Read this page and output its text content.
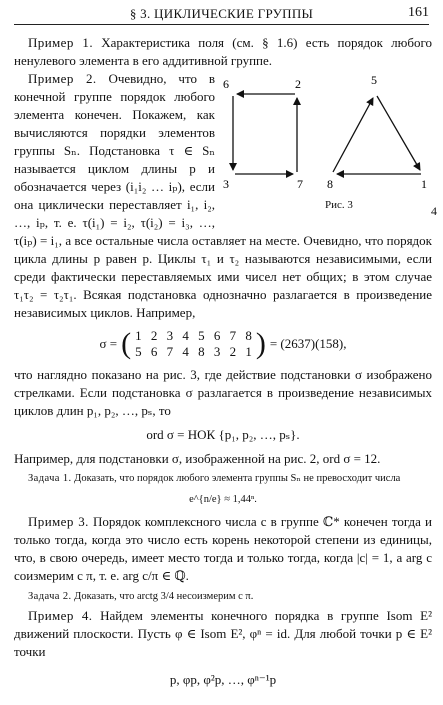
§ 3. ЦИКЛИЧЕСКИЕ ГРУППЫ	161
4

Пример 1. Характеристика поля (см. § 1.6) есть порядок любого ненулевого элемента в его аддитивной группе.

6	2
3	7
5
8	1
Рис. 3
Пример 2. Очевидно, что в конечной группе порядок любого элемента конечен. Покажем, как вычисляются порядки элементов группы Sₙ. Подстановка τ ∈ Sₙ называется циклом длины p и обозначается через (i₁i₂ … iₚ), если она циклически переставляет i₁, i₂, …, iₚ, т. е. τ(i₁) = i₂, τ(i₂) = i₃, …, τ(iₚ) = i₁, а все остальные числа оставляет на месте. Очевидно, что порядок цикла длины p равен p. Циклы τ₁ и τ₂ называются независимыми, если среди фактически переставляемых ими чисел нет общих; в этом случае τ₁τ₂ = τ₂τ₁. Всякая подстановка однозначно разлагается в произведение независимых циклов. Например,

σ = ( 1 2 3 4 5 6 7 8
5 6 7 4 8 3 2 1 ) = (2637)(158),

что наглядно показано на рис. 3, где действие подстановки σ изображено стрелками. Если подстановка σ разлагается в произведение независимых циклов длин p₁, p₂, …, pₛ, то

ord σ = НОК {p₁, p₂, …, pₛ}.

Например, для подстановки σ, изображенной на рис. 2, ord σ = 12.

Задача 1. Доказать, что порядок любого элемента группы Sₙ не превосходит числа

e^{n/e} ≈ 1,44ⁿ.

Пример 3. Порядок комплексного числа c в группе ℂ* конечен тогда и только тогда, когда это число есть корень некоторой степени из единицы, что, в свою очередь, имеет место тогда и только тогда, когда |c| = 1, а arg c соизмерим с π, т. е. arg c/π ∈ ℚ.

Задача 2. Доказать, что arctg 3/4 несоизмерим с π.

Пример 4. Найдем элементы конечного порядка в группе Isom E² движений плоскости. Пусть φ ∈ Isom E², φⁿ = id. Для любой точки p ∈ E² точки

p, φp, φ²p, …, φⁿ⁻¹p
